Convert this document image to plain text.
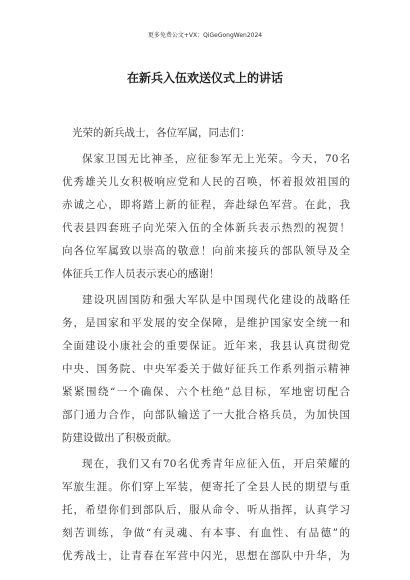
更多免费公文+VX：QiGeGongWen2024
在新兵入伍欢送仪式上的讲话
光荣的新兵战士，各位军属，同志们：
保家卫国无比神圣，应征参军无上光荣。今天，70名
优秀雄关儿女积极响应党和人民的召唤，怀着报效祖国的
赤诚之心，即将踏上新的征程，奔赴绿色军营。在此，我
代表县四套班子向光荣入伍的全体新兵表示热烈的祝贺！
向各位军属致以崇高的敬意！向前来接兵的部队领导及全
体征兵工作人员表示衷心的感谢！
建设巩固国防和强大军队是中国现代化建设的战略任
务，是国家和平发展的安全保障，是维护国家安全统一和
全面建设小康社会的重要保证。近年来，我县认真贯彻党
中央、国务院、中央军委关于做好征兵工作系列指示精神
紧紧围绕“一个确保、六个杜绝”总目标，军地密切配合
部门通力合作，向部队输送了一大批合格兵员，为加快国
防建设做出了积极贡献。
现在，我们又有70名优秀青年应征入伍，开启荣耀的
军旅生涯。你们穿上军装，便寄托了全县人民的期望与重
托，希望你们到部队后，服从命令、听从指挥，认真学习
刻苦训练，争做“有灵魂、有本事、有血性、有品德”的
优秀战士，让青春在军营中闪光，思想在部队中升华，为
